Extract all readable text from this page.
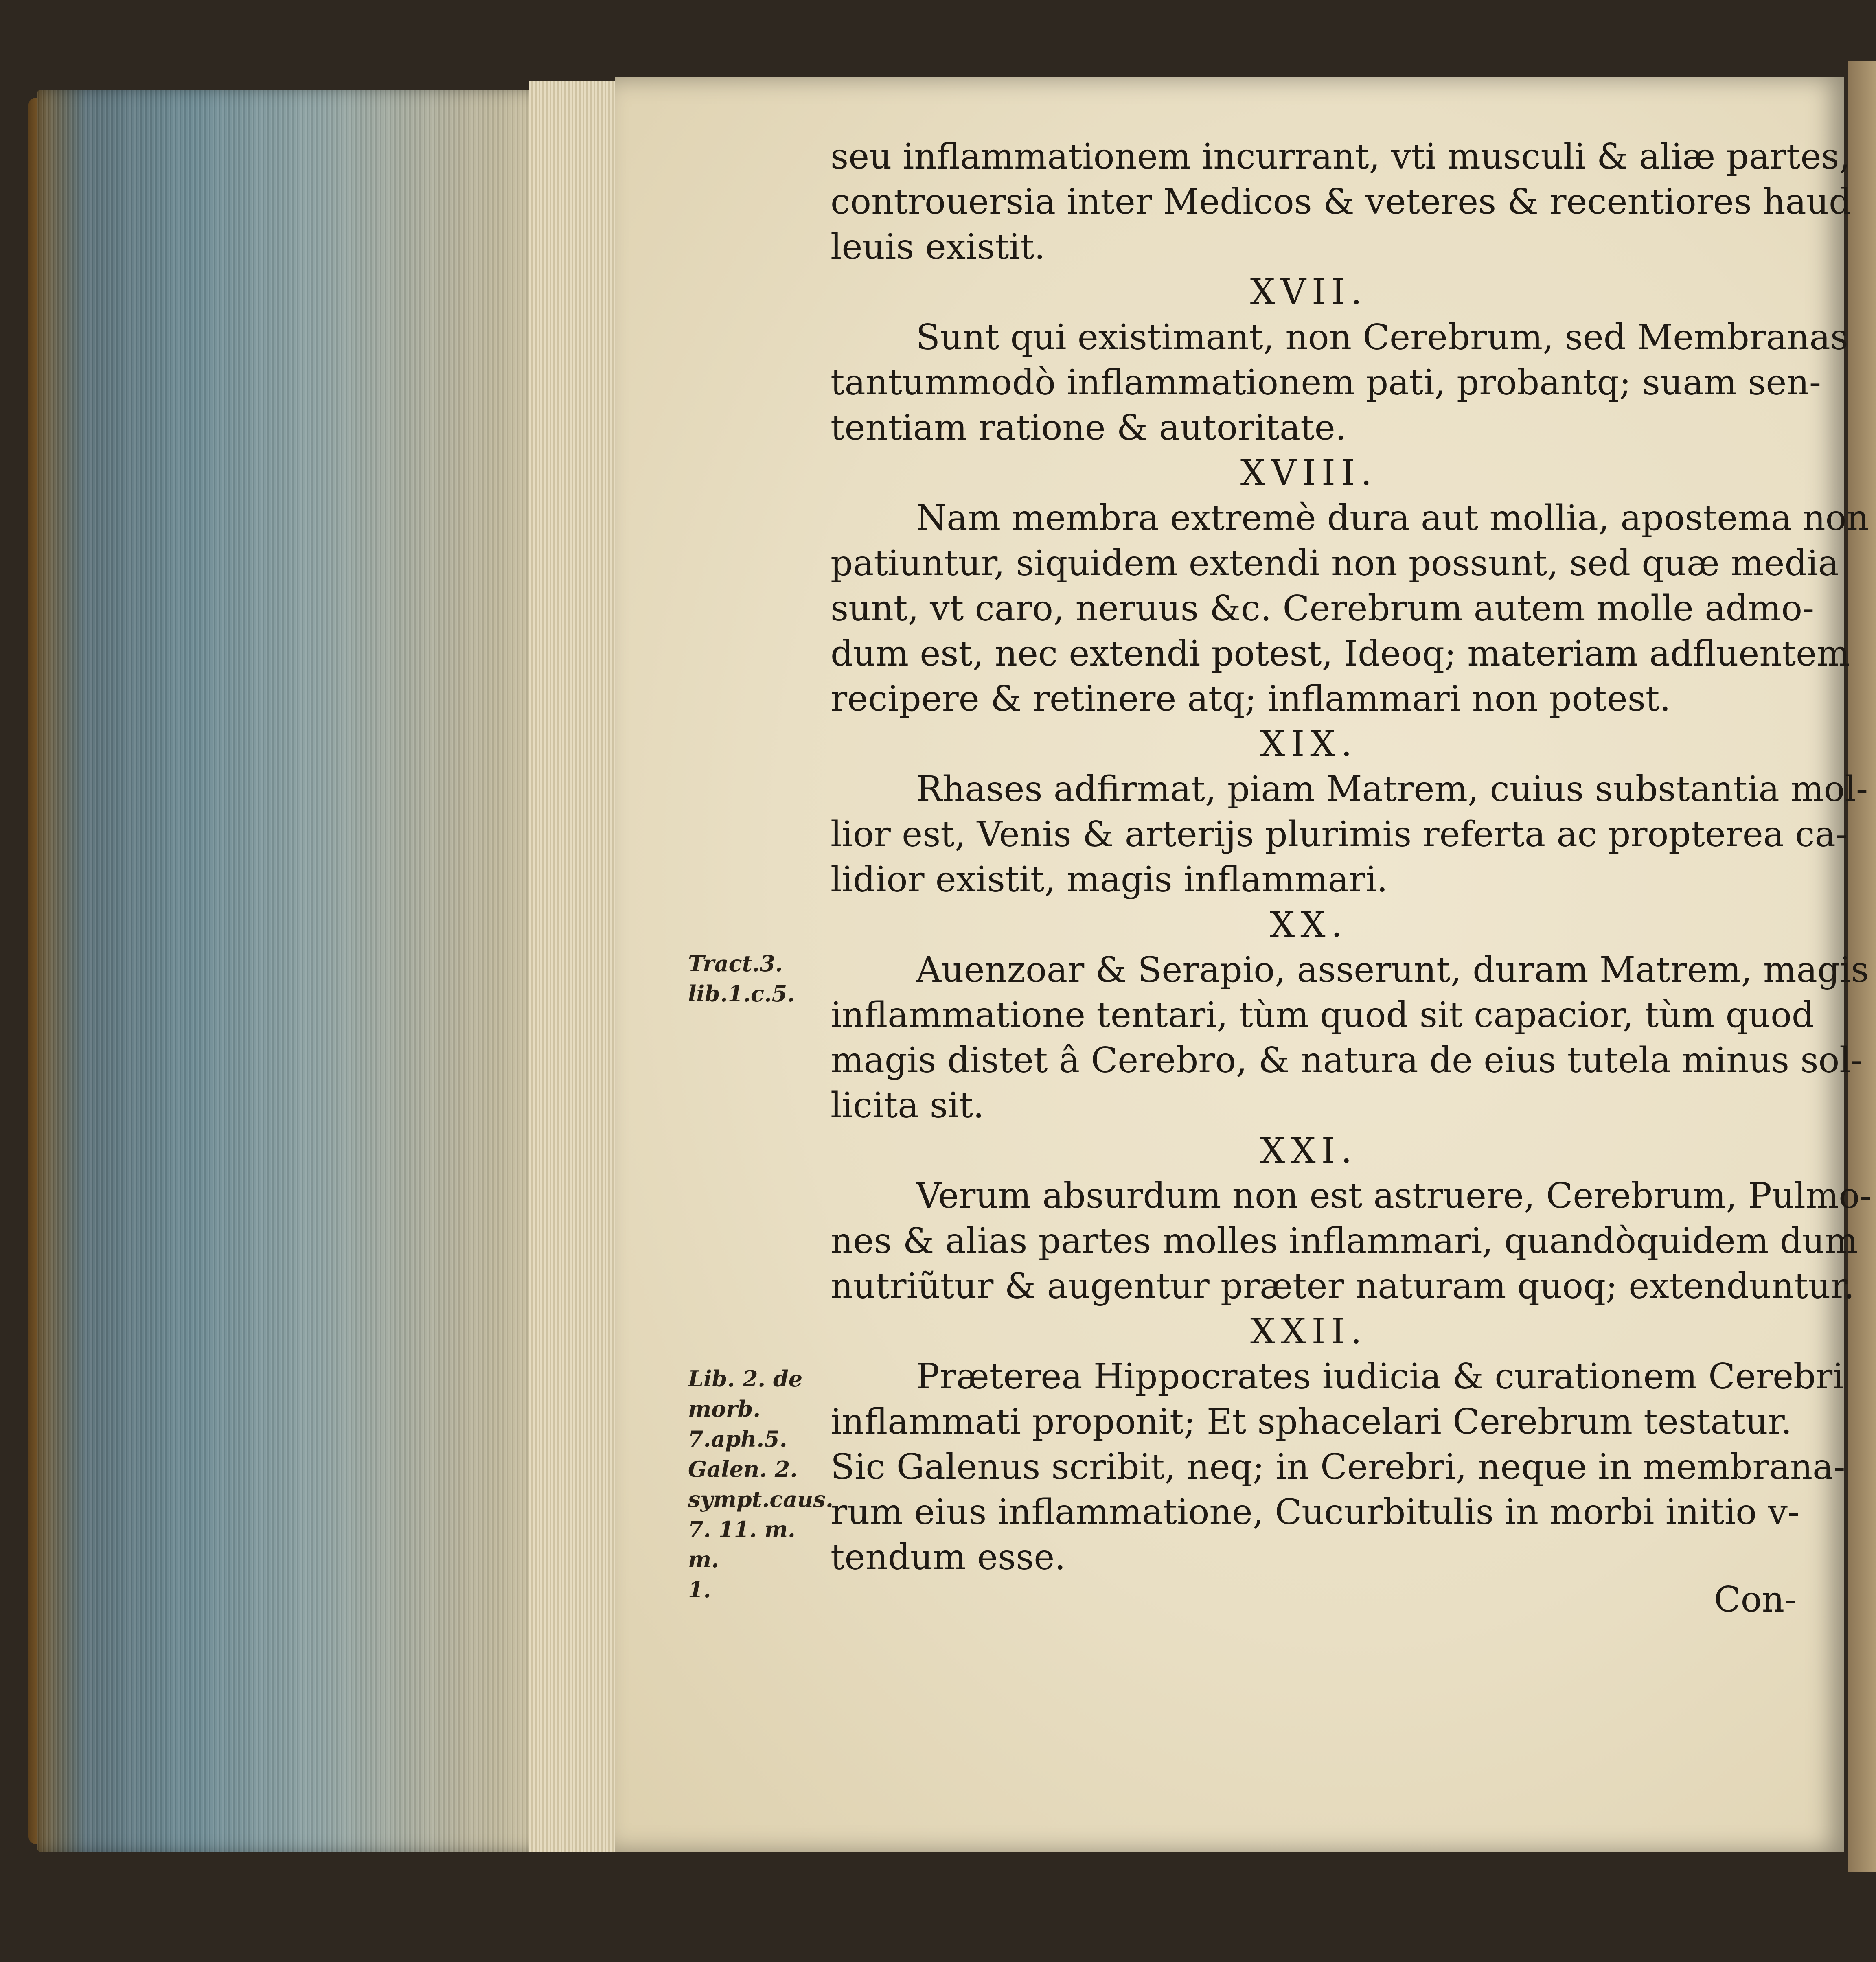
seu inflammationem incurrant, vti musculi & aliæ partes,
controuersia inter Medicos & veteres & recentiores haud
leuis existit.
XVII.
Sunt qui existimant, non Cerebrum, sed Membranas
tantummodò inflammationem pati, probantq; suam sen-
tentiam ratione & autoritate.
XVIII.
Nam membra extremè dura aut mollia, apostema non
patiuntur, siquidem extendi non possunt, sed quæ media
sunt, vt caro, neruus &c. Cerebrum autem molle admo-
dum est, nec extendi potest, Ideoq; materiam adfluentem
recipere & retinere atq; inflammari non potest.
XIX.
Rhases adfirmat, piam Matrem, cuius substantia mol-
lior est, Venis & arterijs plurimis referta ac propterea ca-
lidior existit, magis inflammari.
XX.
Auenzoar & Serapio, asserunt, duram Matrem, magis
inflammatione tentari, tùm quod sit capacior, tùm quod
magis distet â Cerebro, & natura de eius tutela minus sol-
licita sit.
XXI.
Verum absurdum non est astruere, Cerebrum, Pulmo-
nes & alias partes molles inflammari, quandòquidem dum
nutriũtur & augentur præter naturam quoq; extenduntur.
XXII.
Præterea Hippocrates iudicia & curationem Cerebri
inflammati proponit; Et sphacelari Cerebrum testatur.
Sic Galenus scribit, neq; in Cerebri, neque in membrana-
rum eius inflammatione, Cucurbitulis in morbi initio v-
tendum esse.
Tract.3.
lib.1.c.5.
Lib. 2. de
morb.
7.aph.5.
Galen. 2.
sympt.caus.
7. 11. m. m.
1.	Con-
